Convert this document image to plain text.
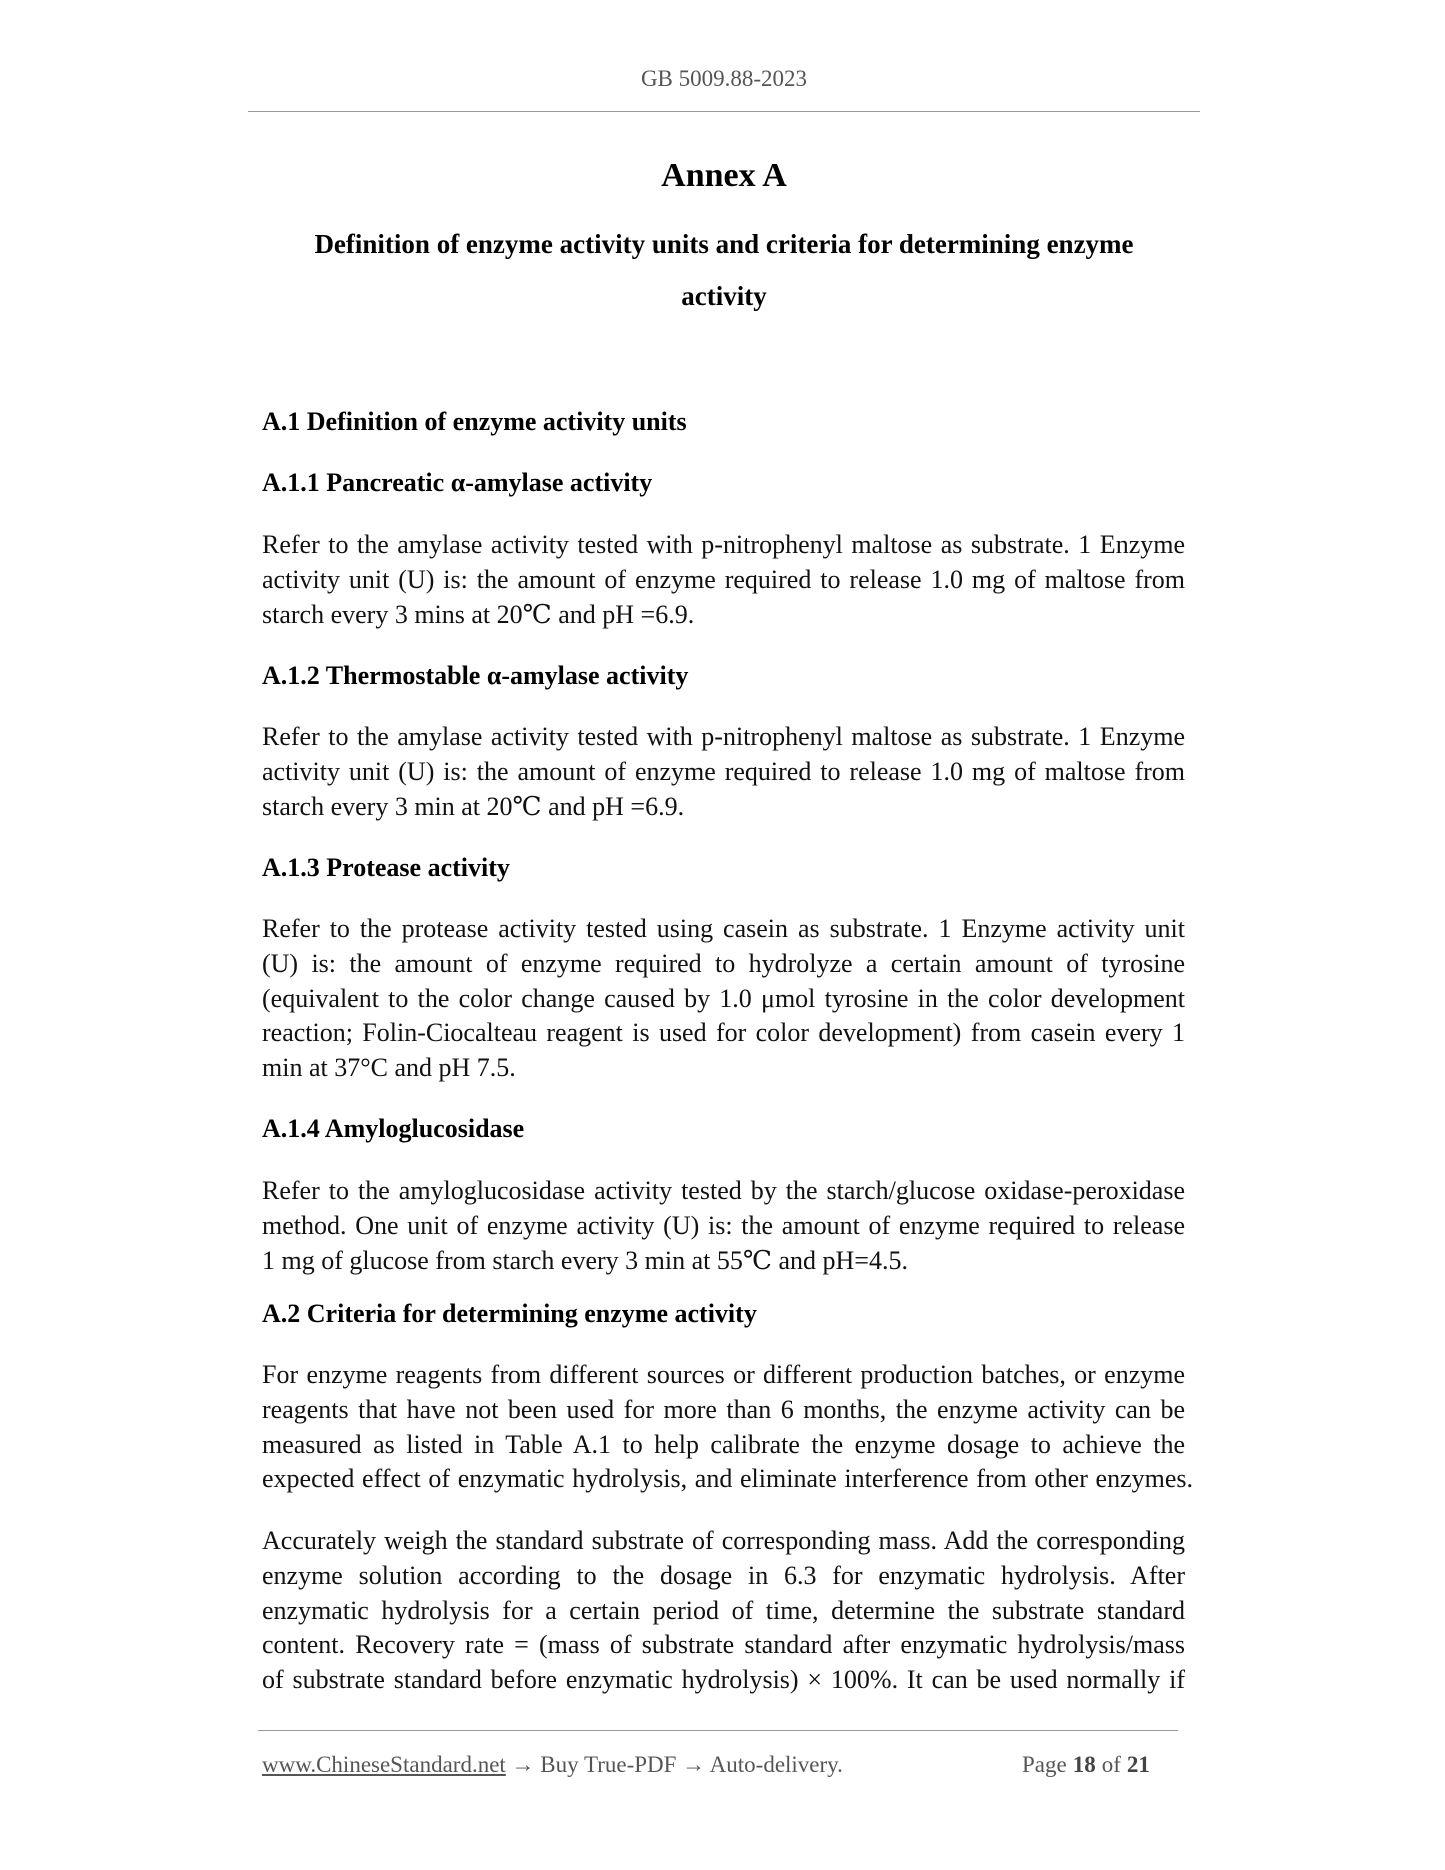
GB 5009.88-2023
Annex A
Definition of enzyme activity units and criteria for determining enzyme
activity
A.1 Definition of enzyme activity units
A.1.1 Pancreatic α-amylase activity
Refer to the amylase activity tested with p-nitrophenyl maltose as substrate. 1 Enzyme
activity unit (U) is: the amount of enzyme required to release 1.0 mg of maltose from
starch every 3 mins at 20℃ and pH =6.9.
A.1.2 Thermostable α-amylase activity
Refer to the amylase activity tested with p-nitrophenyl maltose as substrate. 1 Enzyme
activity unit (U) is: the amount of enzyme required to release 1.0 mg of maltose from
starch every 3 min at 20℃ and pH =6.9.
A.1.3 Protease activity
Refer to the protease activity tested using casein as substrate. 1 Enzyme activity unit
(U) is: the amount of enzyme required to hydrolyze a certain amount of tyrosine
(equivalent to the color change caused by 1.0 μmol tyrosine in the color development
reaction; Folin-Ciocalteau reagent is used for color development) from casein every 1
min at 37°C and pH 7.5.
A.1.4 Amyloglucosidase
Refer to the amyloglucosidase activity tested by the starch/glucose oxidase-peroxidase
method. One unit of enzyme activity (U) is: the amount of enzyme required to release
1 mg of glucose from starch every 3 min at 55℃ and pH=4.5.
A.2 Criteria for determining enzyme activity
For enzyme reagents from different sources or different production batches, or enzyme
reagents that have not been used for more than 6 months, the enzyme activity can be
measured as listed in Table A.1 to help calibrate the enzyme dosage to achieve the
expected effect of enzymatic hydrolysis, and eliminate interference from other enzymes.
Accurately weigh the standard substrate of corresponding mass. Add the corresponding
enzyme solution according to the dosage in 6.3 for enzymatic hydrolysis. After
enzymatic hydrolysis for a certain period of time, determine the substrate standard
content. Recovery rate = (mass of substrate standard after enzymatic hydrolysis/mass
of substrate standard before enzymatic hydrolysis) × 100%. It can be used normally if
www.ChineseStandard.net → Buy True-PDF → Auto-delivery.	Page 18 of 21
